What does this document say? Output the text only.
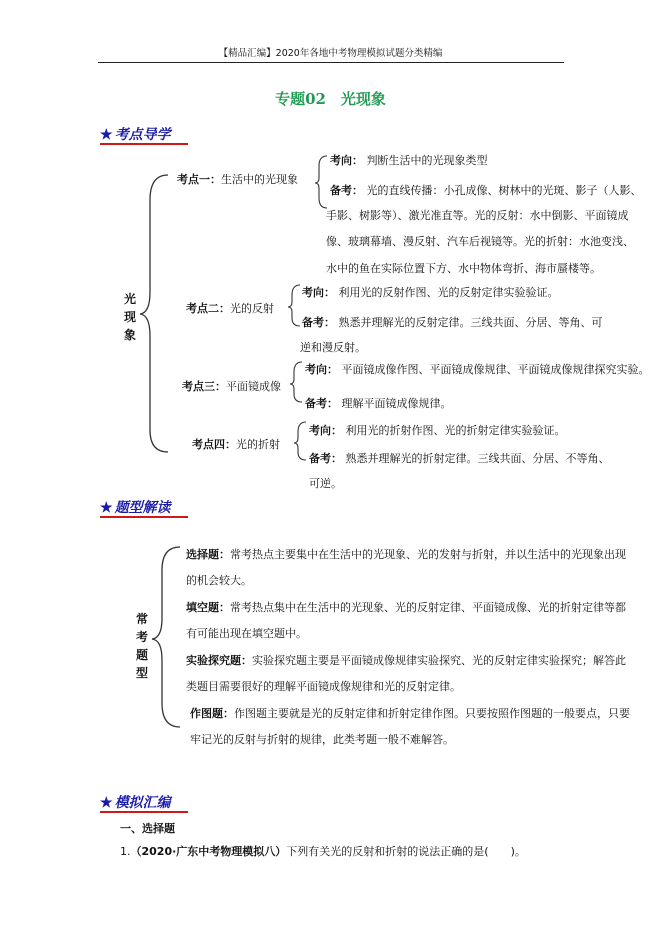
【精品汇编】2020年各地中考物理模拟试题分类精编
专题02　光现象
★ 考点导学
光现象
考点一：生活中的光现象
考向： 判断生活中的光现象类型
备考： 光的直线传播：小孔成像、树林中的光斑、影子（人影、
手影、树影等）、激光准直等。光的反射：水中倒影、平面镜成
像、玻璃幕墙、漫反射、汽车后视镜等。光的折射：水池变浅、
水中的鱼在实际位置下方、水中物体弯折、海市蜃楼等。
考点二：光的反射
考向： 利用光的反射作图、光的反射定律实验验证。
备考： 熟悉并理解光的反射定律。三线共面、分居、等角、可
逆和漫反射。
考点三：平面镜成像
考向： 平面镜成像作图、平面镜成像规律、平面镜成像规律探究实验。
备考： 理解平面镜成像规律。
考点四：光的折射
考向： 利用光的折射作图、光的折射定律实验验证。
备考： 熟悉并理解光的折射定律。三线共面、分居、不等角、
可逆。
★ 题型解读
常考题型
选择题：常考热点主要集中在生活中的光现象、光的发射与折射，并以生活中的光现象出现
的机会较大。
填空题：常考热点集中在生活中的光现象、光的反射定律、平面镜成像、光的折射定律等都
有可能出现在填空题中。
实验探究题：实验探究题主要是平面镜成像规律实验探究、光的反射定律实验探究；解答此
类题目需要很好的理解平面镜成像规律和光的反射定律。
作图题：作图题主要就是光的反射定律和折射定律作图。只要按照作图题的一般要点，只要
牢记光的反射与折射的规律，此类考题一般不难解答。
★ 模拟汇编
一、选择题
1.（2020·广东中考物理模拟八）下列有关光的反射和折射的说法正确的是(　　)。
